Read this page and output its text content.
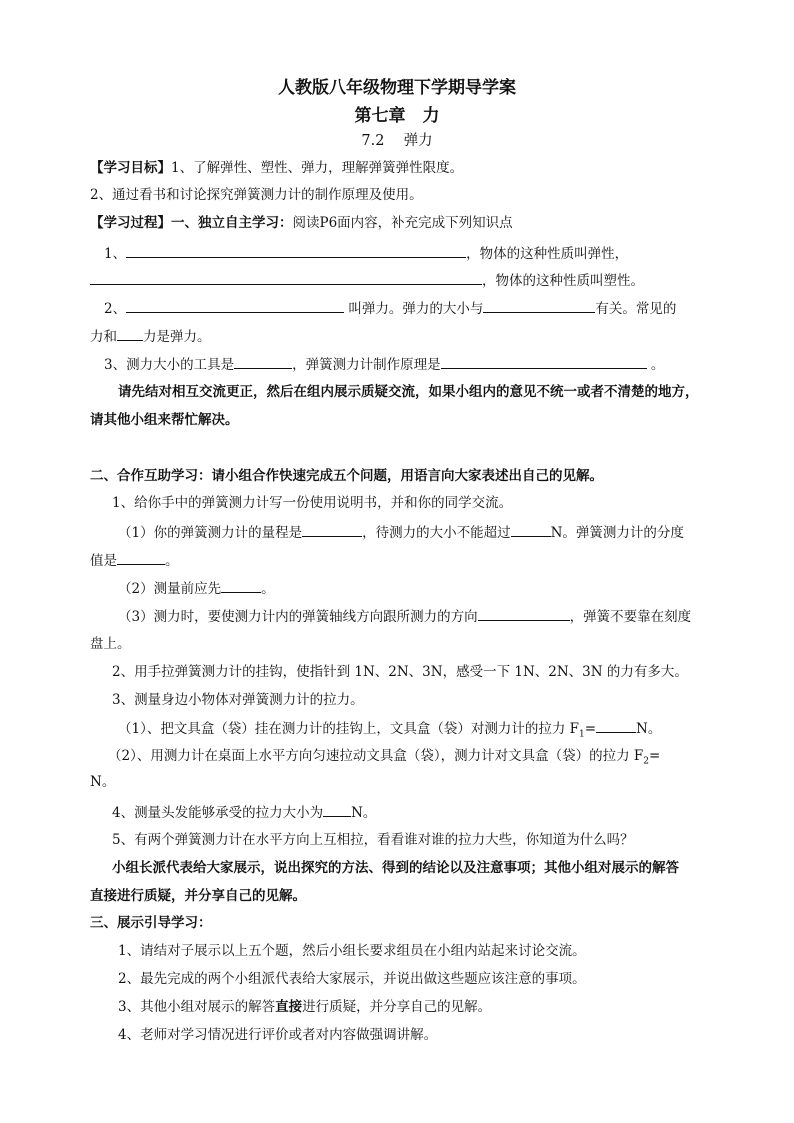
人教版八年级物理下学期导学案
第七章　力
7.2　 弹力
【学习目标】1、了解弹性、塑性、弹力，理解弹簧弹性限度。
2、通过看书和讨论探究弹簧测力计的制作原理及使用。
【学习过程】一、独立自主学习：阅读P6面内容，补充完成下列知识点
1、	，物体的这种性质叫弹性，
，物体的这种性质叫塑性。
2、	叫弹力。弹力的大小与	有关。常见的
力和 力是弹力。
3、测力大小的工具是	，弹簧测力计制作原理是	。
请先结对相互交流更正，然后在组内展示质疑交流，如果小组内的意见不统一或者不清楚的地方，
请其他小组来帮忙解决。
二、合作互助学习：请小组合作快速完成五个问题，用语言向大家表述出自己的见解。
1、给你手中的弹簧测力计写一份使用说明书，并和你的同学交流。
（1）你的弹簧测力计的量程是	，待测力的大小不能超过	N。弹簧测力计的分度
值是	。
（2）测量前应先	。
（3）测力时，要使测力计内的弹簧轴线方向跟所测力的方向	，弹簧不要靠在刻度
盘上。
2、用手拉弹簧测力计的挂钩，使指针到 1N、2N、3N，感受一下 1N、2N、3N 的力有多大。
3、测量身边小物体对弹簧测力计的拉力。
（1）、把文具盒（袋）挂在测力计的挂钩上，文具盒（袋）对测力计的拉力 $F_1=$	N。
（2）、用测力计在桌面上水平方向匀速拉动文具盒（袋），测力计对文具盒（袋）的拉力 $F_2=$
N。
4、测量头发能够承受的拉力大小为 N。
5、有两个弹簧测力计在水平方向上互相拉，看看谁对谁的拉力大些，你知道为什么吗？
小组长派代表给大家展示，说出探究的方法、得到的结论以及注意事项；其他小组对展示的解答
直接进行质疑，并分享自己的见解。
三、展示引导学习：
1、请结对子展示以上五个题，然后小组长要求组员在小组内站起来讨论交流。
2、最先完成的两个小组派代表给大家展示，并说出做这些题应该注意的事项。
3、其他小组对展示的解答直接进行质疑，并分享自己的见解。
4、老师对学习情况进行评价或者对内容做强调讲解。
